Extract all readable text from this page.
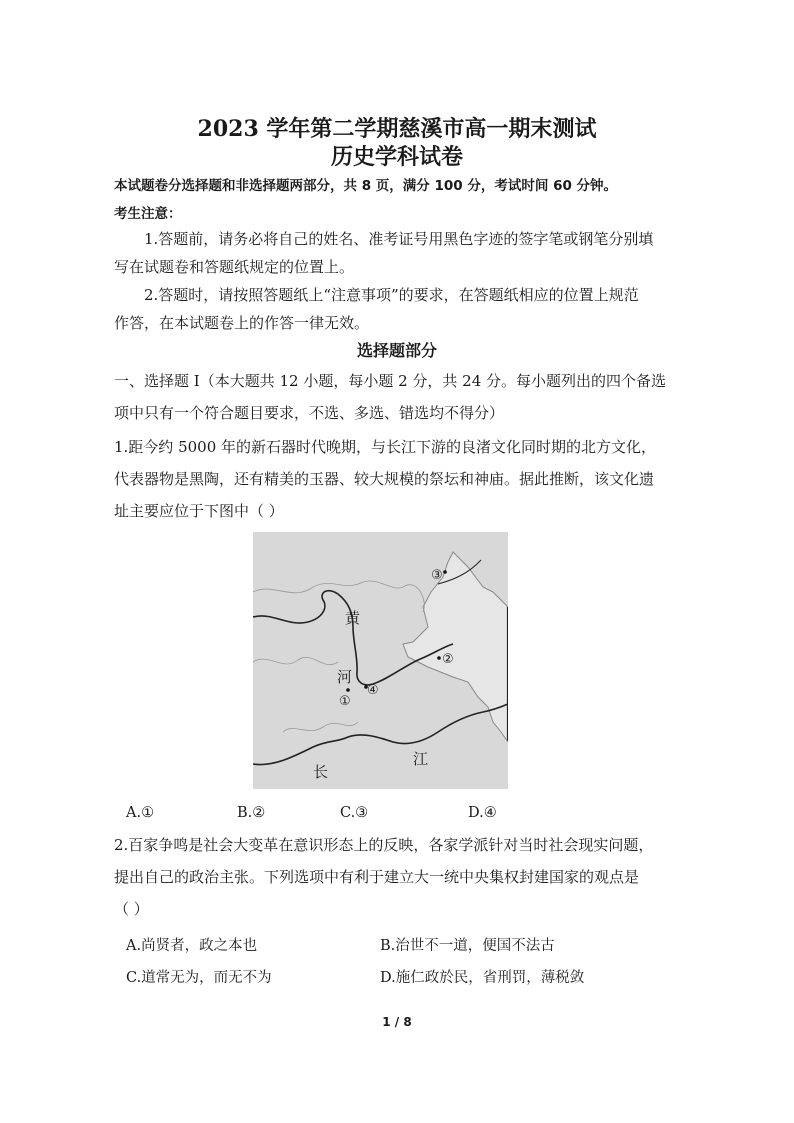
2023 学年第二学期慈溪市高一期末测试
历史学科试卷
本试题卷分选择题和非选择题两部分，共 8 页，满分 100 分，考试时间 60 分钟。
考生注意：
1.答题前，请务必将自己的姓名、准考证号用黑色字迹的签字笔或钢笔分别填
写在试题卷和答题纸规定的位置上。
2.答题时，请按照答题纸上“注意事项”的要求，在答题纸相应的位置上规范
作答，在本试题卷上的作答一律无效。
选择题部分
一、选择题 I（本大题共 12 小题，每小题 2 分，共 24 分。每小题列出的四个备选
项中只有一个符合题目要求，不选、多选、错选均不得分）
1.距今约 5000 年的新石器时代晚期，与长江下游的良渚文化同时期的北方文化，
代表器物是黑陶，还有精美的玉器、较大规模的祭坛和神庙。据此推断，该文化遗
址主要应位于下图中（ ）
黄
河
长
江
①
②
③
④
A.①	B.②	C.③	D.④
2.百家争鸣是社会大变革在意识形态上的反映，各家学派针对当时社会现实问题，
提出自己的政治主张。下列选项中有利于建立大一统中央集权封建国家的观点是
（ ）
A.尚贤者，政之本也	B.治世不一道，便国不法古
C.道常无为，而无不为	D.施仁政於民，省刑罚，薄税敛
1 / 8
